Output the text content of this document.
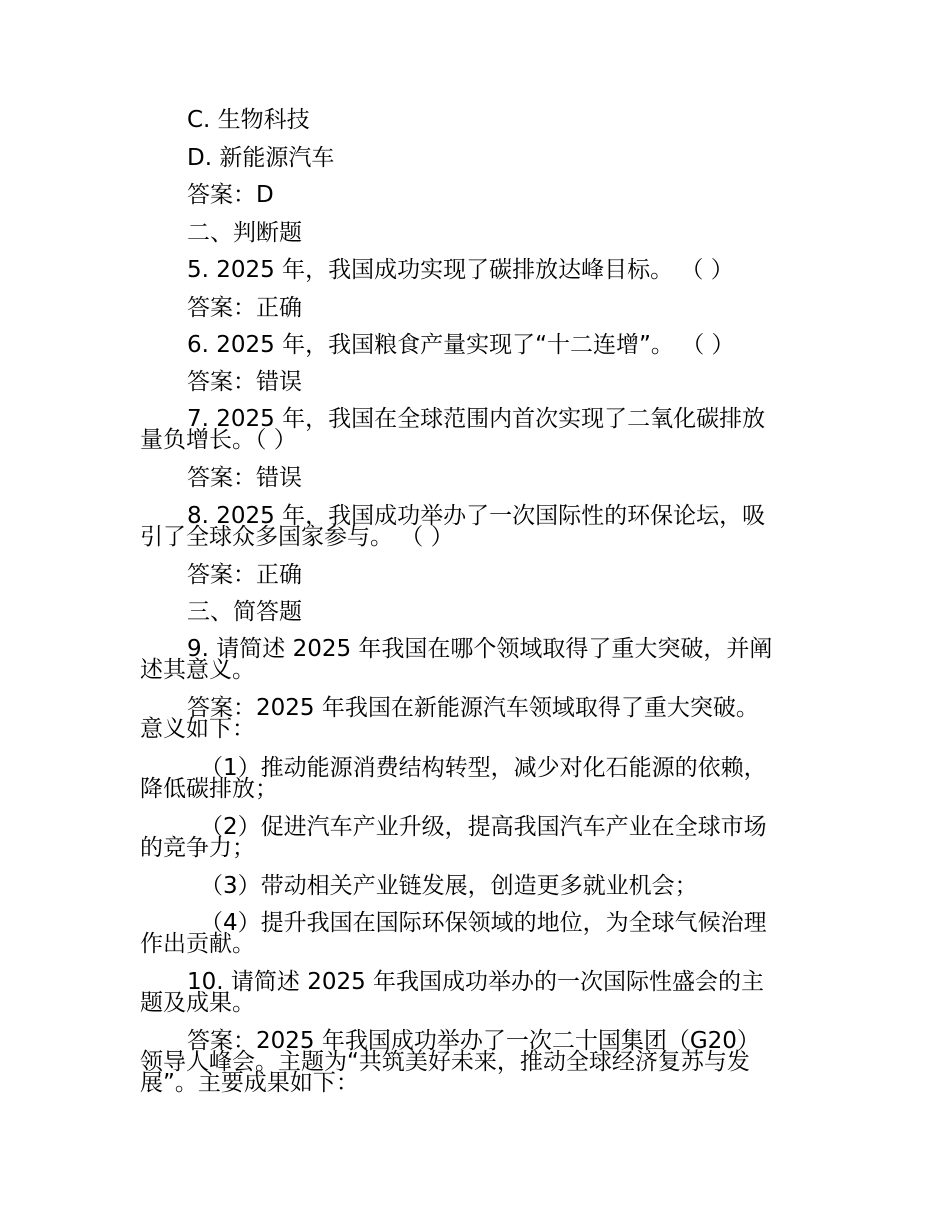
C. 生物科技
D. 新能源汽车
答案：D
二、判断题
5. 2025 年，我国成功实现了碳排放达峰目标。 （ ）
答案：正确
6. 2025 年，我国粮食产量实现了“十二连增”。 （ ）
答案：错误
7. 2025 年，我国在全球范围内首次实现了二氧化碳排放
量负增长。（ ）
答案：错误
8. 2025 年，我国成功举办了一次国际性的环保论坛，吸
引了全球众多国家参与。 （ ）
答案：正确
三、简答题
9. 请简述 2025 年我国在哪个领域取得了重大突破，并阐
述其意义。
答案：2025 年我国在新能源汽车领域取得了重大突破。
意义如下：
（1）推动能源消费结构转型，减少对化石能源的依赖，
降低碳排放；
（2）促进汽车产业升级，提高我国汽车产业在全球市场
的竞争力；
（3）带动相关产业链发展，创造更多就业机会；
（4）提升我国在国际环保领域的地位，为全球气候治理
作出贡献。
10. 请简述 2025 年我国成功举办的一次国际性盛会的主
题及成果。
答案：2025 年我国成功举办了一次二十国集团（G20）
领导人峰会。主题为“共筑美好未来，推动全球经济复苏与发
展”。主要成果如下：
